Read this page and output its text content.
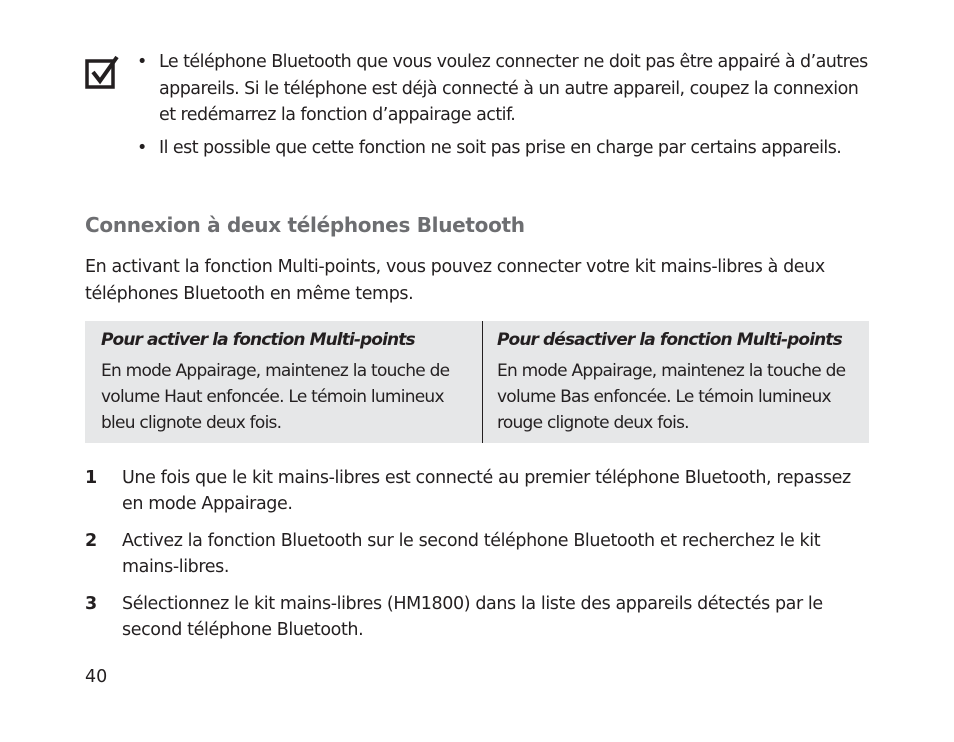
• Le téléphone Bluetooth que vous voulez connecter ne doit pas être appairé à d’autres appareils. Si le téléphone est déjà connecté à un autre appareil, coupez la connexion et redémarrez la fonction d’appairage actif.
• Il est possible que cette fonction ne soit pas prise en charge par certains appareils.
Connexion à deux téléphones Bluetooth

En activant la fonction Multi-points, vous pouvez connecter votre kit mains-libres à deux téléphones Bluetooth en même temps.

Pour activer la fonction Multi-points

En mode Appairage, maintenez la touche de volume Haut enfoncée. Le témoin lumineux bleu clignote deux fois.

Pour désactiver la fonction Multi-points

En mode Appairage, maintenez la touche de volume Bas enfoncée. Le témoin lumineux rouge clignote deux fois.

1 Une fois que le kit mains-libres est connecté au premier téléphone Bluetooth, repassez en mode Appairage.
2 Activez la fonction Bluetooth sur le second téléphone Bluetooth et recherchez le kit mains-libres.
3 Sélectionnez le kit mains-libres (HM1800) dans la liste des appareils détectés par le second téléphone Bluetooth.
40
